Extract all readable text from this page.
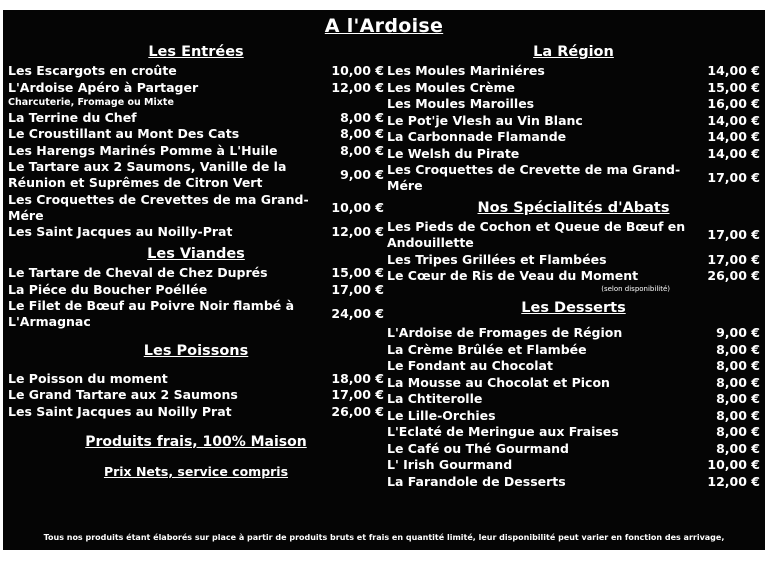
A l'Ardoise
Les Entrées
Les Escargots en croûte	10,00 €
L'Ardoise Apéro à Partager	12,00 €
Charcuterie, Fromage ou Mixte
La Terrine du Chef	8,00 €
Le Croustillant au Mont Des Cats	8,00 €
Les Harengs Marinés Pomme à L'Huile	8,00 €
Le Tartare aux 2 Saumons, Vanille de la Réunion et Suprêmes de Citron Vert
9,00 €
Les Croquettes de Crevettes de ma Grand-Mére
10,00 €
Les Saint Jacques au Noilly-Prat	12,00 €
Les Viandes
Le Tartare de Cheval de Chez Duprés	15,00 €
La Piéce du Boucher Poéllée	17,00 €
Le Filet de Bœuf au Poivre Noir flambé à L'Armagnac
24,00 €
Les Poissons
Le Poisson du moment	18,00 €
Le Grand Tartare aux 2 Saumons	17,00 €
Les Saint Jacques au Noilly Prat	26,00 €
Produits frais, 100% Maison
Prix Nets, service compris
La Région
Les Moules Mariniéres	14,00 €
Les Moules Crème	15,00 €
Les Moules Maroilles	16,00 €
Le Pot'je Vlesh au Vin Blanc	14,00 €
La Carbonnade Flamande	14,00 €
Le Welsh du Pirate	14,00 €
Les Croquettes de Crevette de ma Grand-Mére
17,00 €
Nos Spécialités d'Abats
Les Pieds de Cochon et Queue de Bœuf en Andouillette
17,00 €
Les Tripes Grillées et Flambées	17,00 €
Le Cœur de Ris de Veau du Moment	26,00 €
(selon disponibilité)
Les Desserts
L'Ardoise de Fromages de Région	9,00 €
La Crème Brûlée et Flambée	8,00 €
Le Fondant au Chocolat	8,00 €
La Mousse au Chocolat et Picon	8,00 €
La Chtiterolle	8,00 €
Le Lille-Orchies	8,00 €
L'Eclaté de Meringue aux Fraises	8,00 €
Le Café ou Thé Gourmand	8,00 €
L' Irish Gourmand	10,00 €
La Farandole de Desserts	12,00 €
Tous nos produits étant élaborés sur place à partir de produits bruts et frais en quantité limité, leur disponibilité peut varier en fonction des arrivage,
